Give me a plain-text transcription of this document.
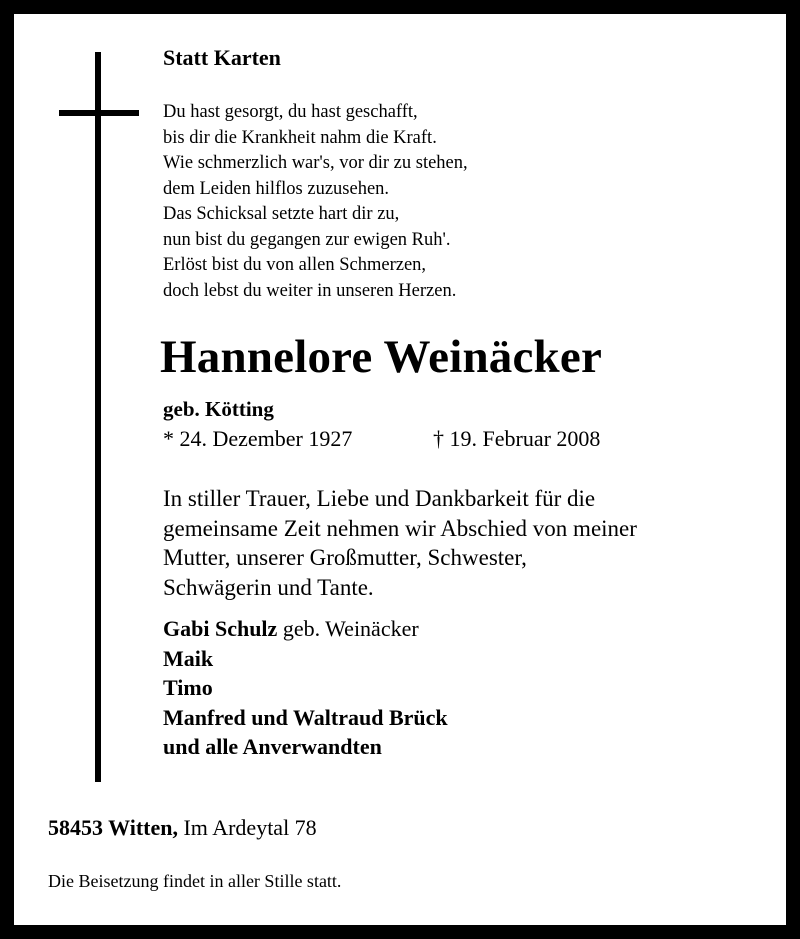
Statt Karten
Du hast gesorgt, du hast geschafft,
bis dir die Krankheit nahm die Kraft.
Wie schmerzlich war's, vor dir zu stehen,
dem Leiden hilflos zuzusehen.
Das Schicksal setzte hart dir zu,
nun bist du gegangen zur ewigen Ruh'.
Erlöst bist du von allen Schmerzen,
doch lebst du weiter in unseren Herzen.
Hannelore Weinäcker
geb. Kötting
* 24. Dezember 1927	† 19. Februar 2008
In stiller Trauer, Liebe und Dankbarkeit für die
gemeinsame Zeit nehmen wir Abschied von meiner
Mutter, unserer Großmutter, Schwester,
Schwägerin und Tante.
Gabi Schulz geb. Weinäcker
Maik
Timo
Manfred und Waltraud Brück
und alle Anverwandten
58453 Witten, Im Ardeytal 78
Die Beisetzung findet in aller Stille statt.
